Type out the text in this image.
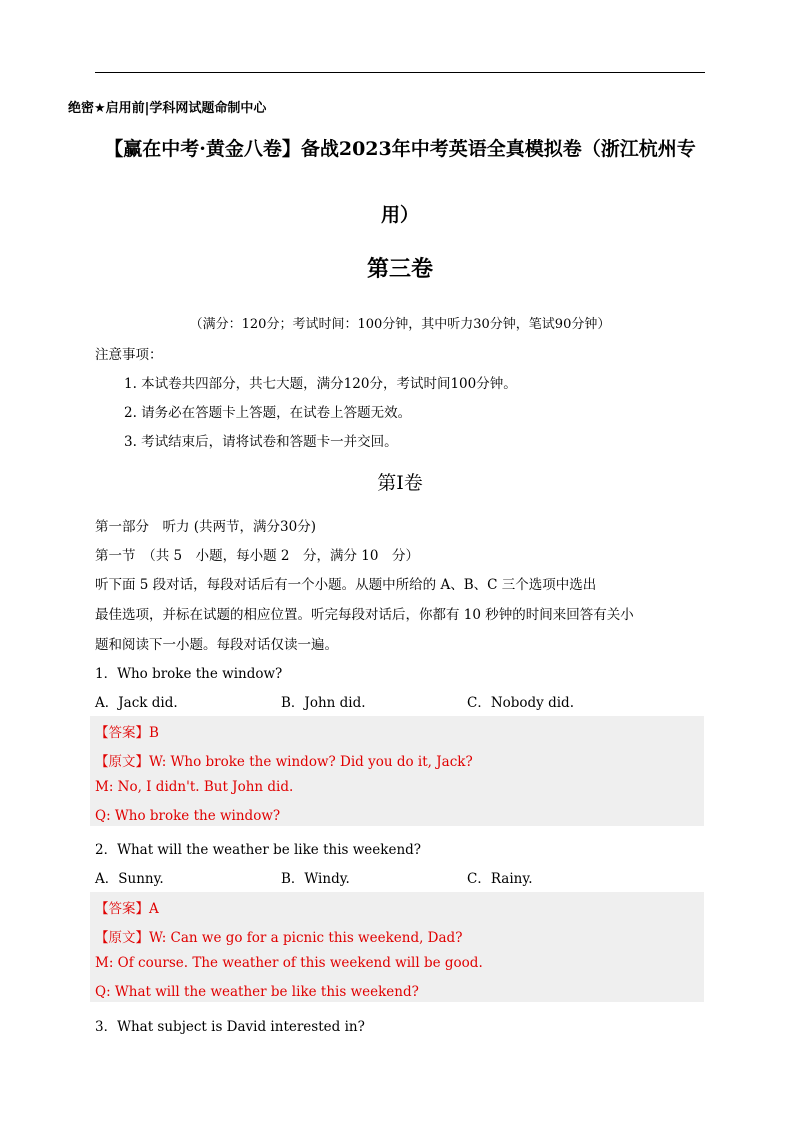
绝密★启用前|学科网试题命制中心
【赢在中考·黄金八卷】备战2023年中考英语全真模拟卷（浙江杭州专
用）
第三卷
（满分：120分；考试时间：100分钟，其中听力30分钟，笔试90分钟）
注意事项：
1. 本试卷共四部分，共七大题，满分120分，考试时间100分钟。
2. 请务必在答题卡上答题，在试卷上答题无效。
3. 考试结束后，请将试卷和答题卡一并交回。
第I卷
第一部分　听力 (共两节，满分30分)
第一节　（共 5　小题，每小题 2　分，满分 10　分）
听下面 5 段对话，每段对话后有一个小题。从题中所给的 A、B、C 三个选项中选出
最佳选项，并标在试题的相应位置。听完每段对话后，你都有 10 秒钟的时间来回答有关小
题和阅读下一小题。每段对话仅读一遍。
1．Who broke the window?
A．Jack did.	B．John did.	C．Nobody did.
【答案】B
【原文】W: Who broke the window? Did you do it, Jack?
M: No, I didn't. But John did.
Q: Who broke the window?
2．What will the weather be like this weekend?
A．Sunny.	B．Windy.	C．Rainy.
【答案】A
【原文】W: Can we go for a picnic this weekend, Dad?
M: Of course. The weather of this weekend will be good.
Q: What will the weather be like this weekend?
3．What subject is David interested in?
